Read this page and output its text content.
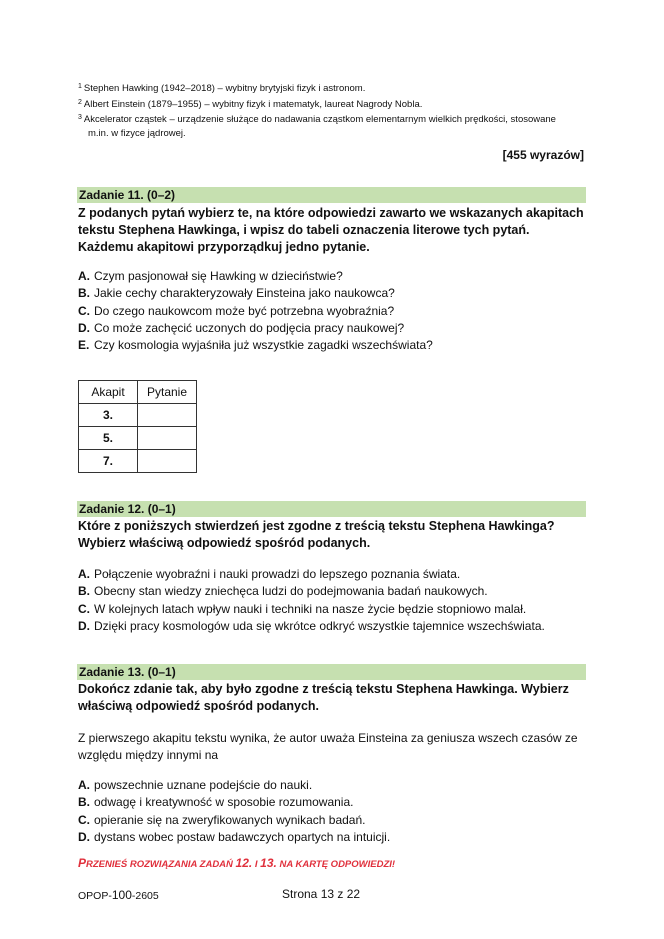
$^1$ Stephen Hawking (1942–2018) – wybitny brytyjski fizyk i astronom.
$^2$ Albert Einstein (1879–1955) – wybitny fizyk i matematyk, laureat Nagrody Nobla.
$^3$ Akcelerator cząstek – urządzenie służące do nadawania cząstkom elementarnym wielkich prędkości, stosowane
m.in. w fizyce jądrowej.
[455 wyrazów]
Zadanie 11. (0–2)
Z podanych pytań wybierz te, na które odpowiedzi zawarto we wskazanych akapitach tekstu Stephena Hawkinga, i wpisz do tabeli oznaczenia literowe tych pytań. Każdemu akapitowi przyporządkuj jedno pytanie.
A. Czym pasjonował się Hawking w dzieciństwie?
B. Jakie cechy charakteryzowały Einsteina jako naukowca?
C. Do czego naukowcom może być potrzebna wyobraźnia?
D. Co może zachęcić uczonych do podjęcia pracy naukowej?
E. Czy kosmologia wyjaśniła już wszystkie zagadki wszechświata?
Akapit	Pytanie
3.	
5.	
7.	
Zadanie 12. (0–1)
Które z poniższych stwierdzeń jest zgodne z treścią tekstu Stephena Hawkinga? Wybierz właściwą odpowiedź spośród podanych.
A. Połączenie wyobraźni i nauki prowadzi do lepszego poznania świata.
B. Obecny stan wiedzy zniechęca ludzi do podejmowania badań naukowych.
C. W kolejnych latach wpływ nauki i techniki na nasze życie będzie stopniowo malał.
D. Dzięki pracy kosmologów uda się wkrótce odkryć wszystkie tajemnice wszechświata.
Zadanie 13. (0–1)
Dokończ zdanie tak, aby było zgodne z treścią tekstu Stephena Hawkinga. Wybierz właściwą odpowiedź spośród podanych.
Z pierwszego akapitu tekstu wynika, że autor uważa Einsteina za geniusza wszech czasów ze względu między innymi na
A. powszechnie uznane podejście do nauki.
B. odwagę i kreatywność w sposobie rozumowania.
C. opieranie się na zweryfikowanych wynikach badań.
D. dystans wobec postaw badawczych opartych na intuicji.
PRZENIEŚ ROZWIĄZANIA ZADAŃ 12. I 13. NA KARTĘ ODPOWIEDZI!
OPOP-100-2605	Strona 13 z 22
